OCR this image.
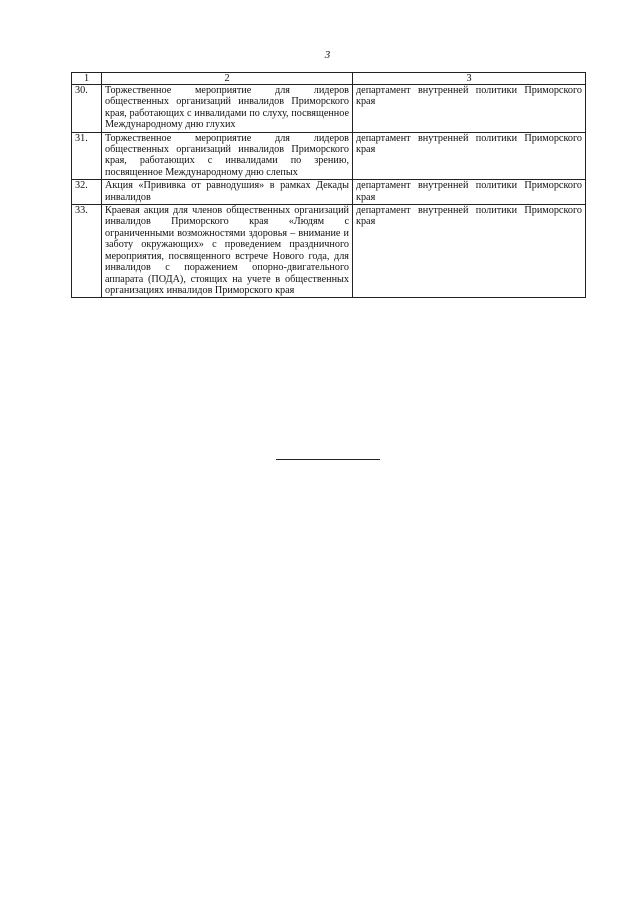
3
1	2	3
30.	Торжественное мероприятие для лидеров общественных организаций инвалидов Приморского края, работающих с инвалидами по слуху, посвященное Международному дню глухих	департамент внутренней политики Приморского края
31.	Торжественное мероприятие для лидеров общественных организаций инвалидов Приморского края, работающих с инвалидами по зрению, посвященное Международному дню слепых	департамент внутренней политики Приморского края
32.	Акция «Прививка от равнодушия» в рамках Декады инвалидов	департамент внутренней политики Приморского края
33.	Краевая акция для членов общественных организаций инвалидов Приморского края «Людям с ограниченными возможностями здоровья – внимание и заботу окружающих» с проведением праздничного мероприятия, посвященного встрече Нового года, для инвалидов с поражением опорно-двигательного аппарата (ПОДА), стоящих на учете в общественных организациях инвалидов Приморского края	департамент внутренней политики Приморского края
